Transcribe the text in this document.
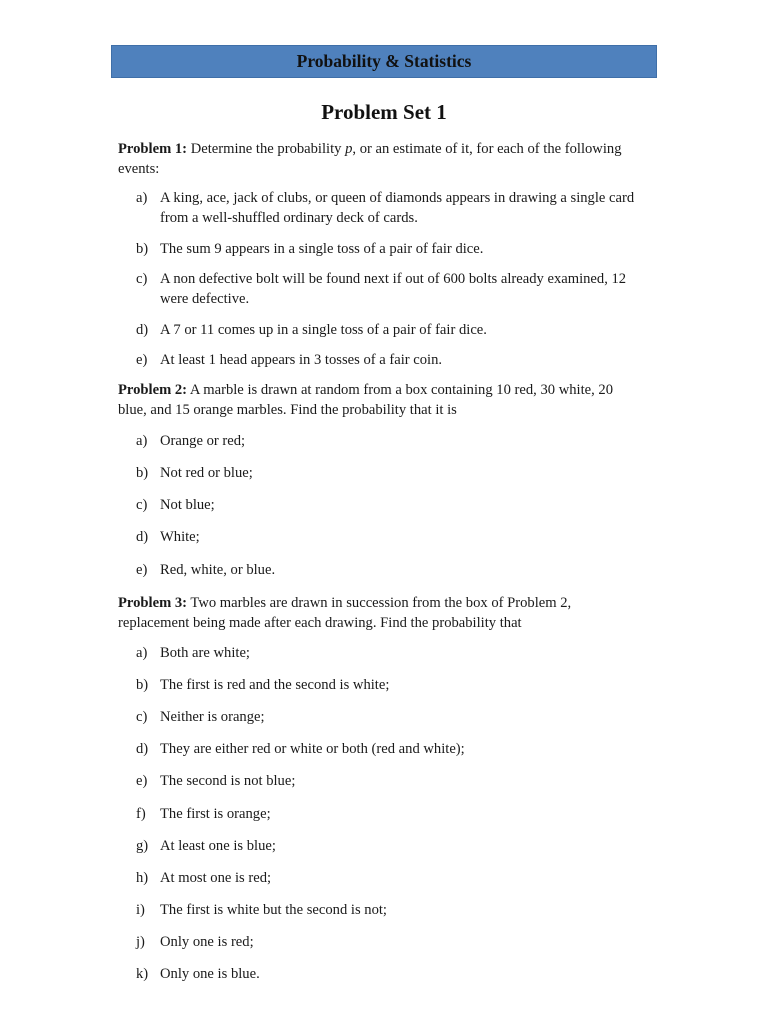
Probability & Statistics
Problem Set 1

Problem 1: Determine the probability p, or an estimate of it, for each of the following events:

a) A king, ace, jack of clubs, or queen of diamonds appears in drawing a single card from a well-shuffled ordinary deck of cards.
b) The sum 9 appears in a single toss of a pair of fair dice.
c) A non defective bolt will be found next if out of 600 bolts already examined, 12 were defective.
d) A 7 or 11 comes up in a single toss of a pair of fair dice.
e) At least 1 head appears in 3 tosses of a fair coin.

Problem 2: A marble is drawn at random from a box containing 10 red, 30 white, 20 blue, and 15 orange marbles. Find the probability that it is

a) Orange or red;
b) Not red or blue;
c) Not blue;
d) White;
e) Red, white, or blue.

Problem 3: Two marbles are drawn in succession from the box of Problem 2, replacement being made after each drawing. Find the probability that

a) Both are white;
b) The first is red and the second is white;
c) Neither is orange;
d) They are either red or white or both (red and white);
e) The second is not blue;
f) The first is orange;
g) At least one is blue;
h) At most one is red;
i)	The first is white but the second is not;
j)	Only one is red;
k) Only one is blue.
